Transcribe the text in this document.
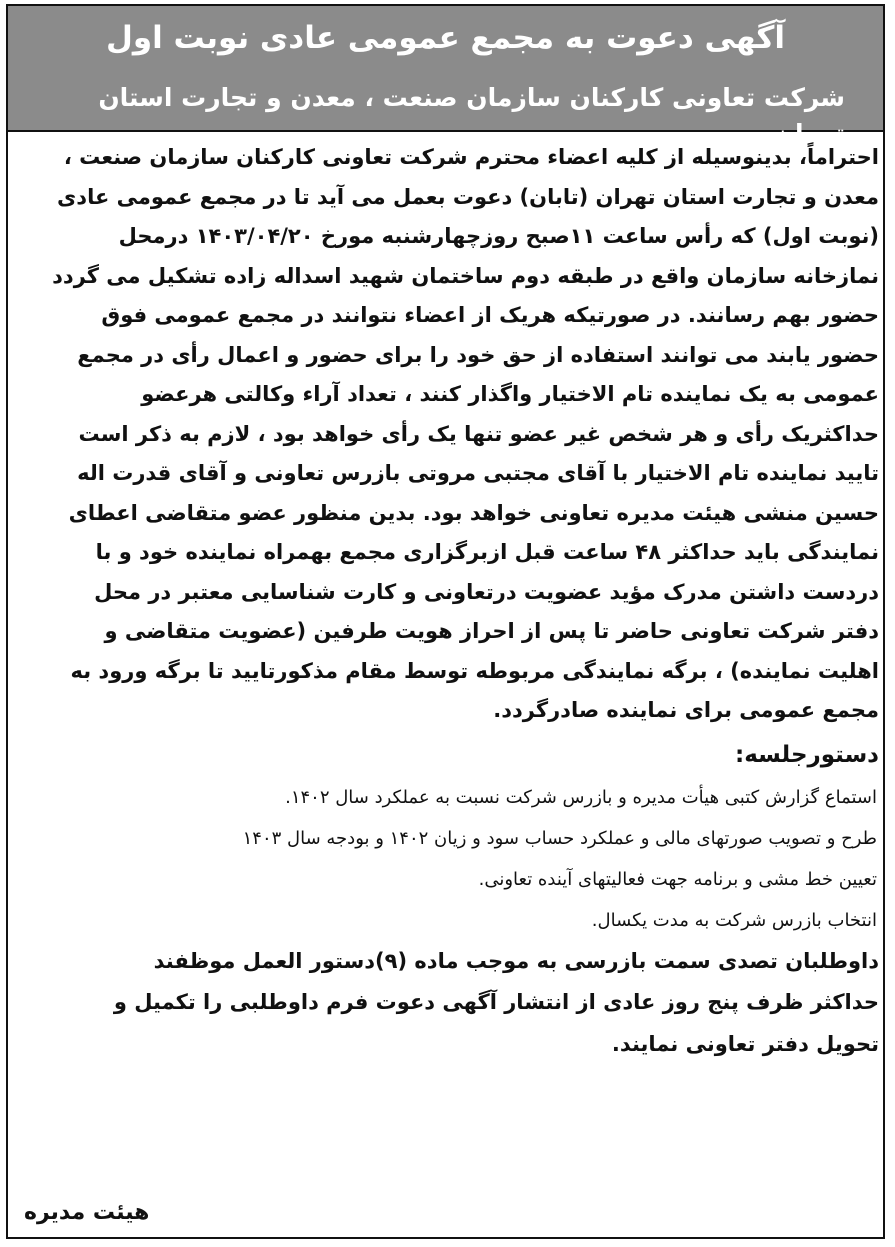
آگهی دعوت به مجمع عمومی عادی نوبت اول
شرکت تعاونی کارکنان سازمان صنعت ، معدن و تجارت استان تهران
احتراماً، بدینوسیله از کلیه اعضاء محترم شرکت تعاونی کارکنان سازمان صنعت ،
معدن و تجارت استان تهران (تابان) دعوت بعمل می آید تا در مجمع عمومی عادی
(نوبت اول) که رأس ساعت ۱۱صبح روزچهارشنبه مورخ ۱۴۰۳/۰۴/۲۰ درمحل
نمازخانه سازمان واقع در طبقه دوم ساختمان شهید اسداله زاده تشکیل می گردد
حضور بهم رسانند. در صورتیکه هریک از اعضاء نتوانند در مجمع عمومی فوق
حضور یابند می توانند استفاده از حق خود را برای حضور و اعمال رأی در مجمع
عمومی به یک نماینده تام الاختیار واگذار کنند ، تعداد آراء وکالتی هرعضو
حداکثریک رأی و هر شخص غیر عضو تنها یک رأی خواهد بود ، لازم به ذکر است
تایید نماینده تام الاختیار با آقای مجتبی مروتی بازرس تعاونی و آقای قدرت اله
حسین منشی هیئت مدیره تعاونی خواهد بود. بدین منظور عضو متقاضی اعطای
نمایندگی باید حداکثر ۴۸ ساعت قبل ازبرگزاری مجمع بهمراه نماینده خود و با
دردست داشتن مدرک مؤید عضویت درتعاونی و کارت شناسایی معتبر در محل
دفتر شرکت تعاونی حاضر تا پس از احراز هویت طرفین (عضویت متقاضی و
اهلیت نماینده) ، برگه نمایندگی مربوطه توسط مقام مذکورتایید تا برگه ورود به
مجمع عمومی برای نماینده صادرگردد.
دستورجلسه:
استماع گزارش کتبی هیأت مدیره و بازرس شرکت نسبت به عملکرد سال ۱۴۰۲.
طرح و تصویب صورتهای مالی و عملکرد حساب سود و زیان ۱۴۰۲ و بودجه سال ۱۴۰۳
تعیین خط مشی و برنامه جهت فعالیتهای آینده تعاونی.
انتخاب بازرس شرکت به مدت یکسال.
داوطلبان تصدی سمت بازرسی به موجب ماده (۹)دستور العمل موظفند
حداکثر ظرف پنج روز عادی از انتشار آگهی دعوت فرم داوطلبی را تکمیل و
تحویل دفتر تعاونی نمایند.
هیئت مدیره
